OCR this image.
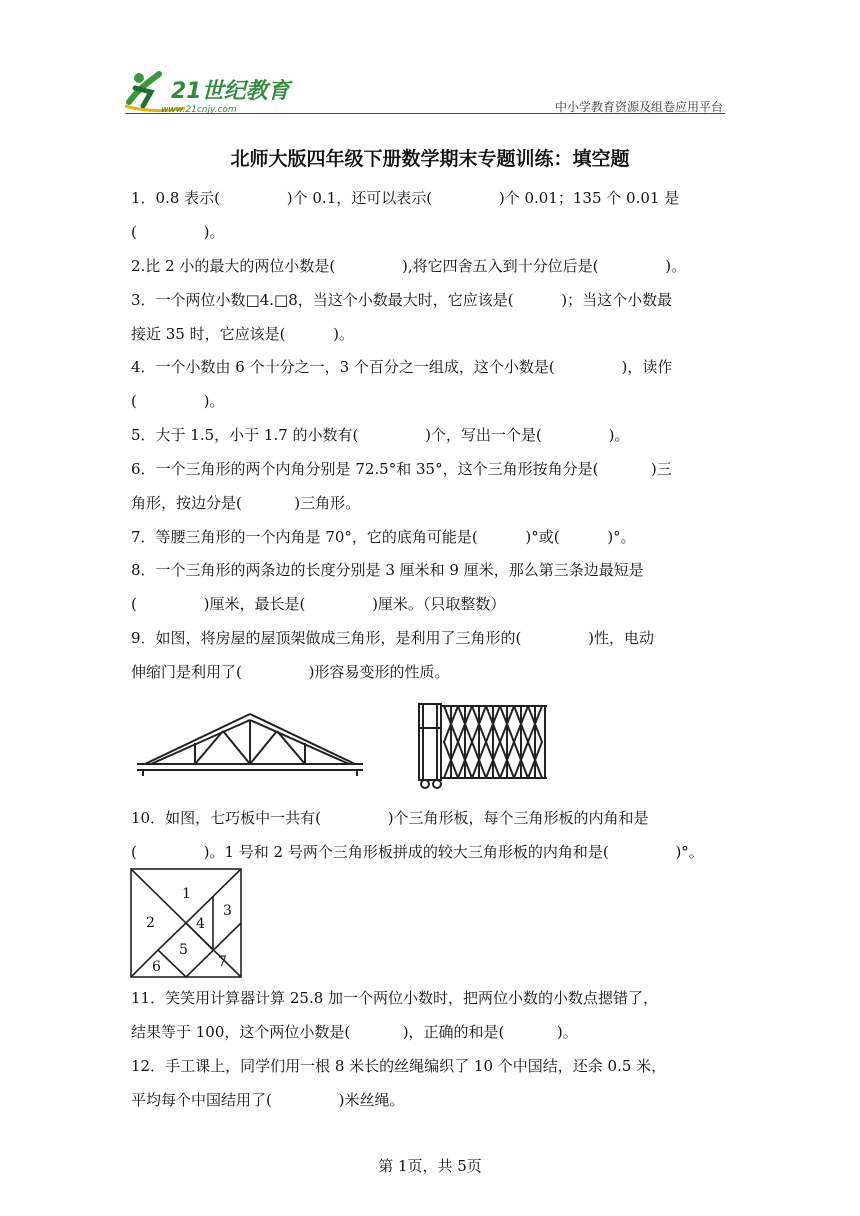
21世纪教育
www.21cnjy.com	中小学教育资源及组卷应用平台
北师大版四年级下册数学期末专题训练：填空题
1．0.8 表示(              )个 0.1，还可以表示(              )个 0.01；135 个 0.01 是
(              )。
2.比 2 小的最大的两位小数是(              ),将它四舍五入到十分位后是(              )。
3．一个两位小数□4.□8，当这个小数最大时，它应该是(          )；当这个小数最
接近 35 时，它应该是(          )。
4．一个小数由 6 个十分之一，3 个百分之一组成，这个小数是(              )，读作
(              )。
5．大于 1.5，小于 1.7 的小数有(              )个，写出一个是(              )。
6．一个三角形的两个内角分别是 72.5°和 35°，这个三角形按角分是(           )三
角形，按边分是(           )三角形。
7．等腰三角形的一个内角是 70°，它的底角可能是(          )°或(          )°。
8．一个三角形的两条边的长度分别是 3 厘米和 9 厘米，那么第三条边最短是
(              )厘米，最长是(              )厘米。（只取整数）
9．如图，将房屋的屋顶架做成三角形，是利用了三角形的(              )性，电动
伸缩门是利用了(              )形容易变形的性质。
10．如图，七巧板中一共有(              )个三角形板，每个三角形板的内角和是
(              )。1 号和 2 号两个三角形板拼成的较大三角形板的内角和是(              )°。
1
2
3
4
5
6	7
11．笑笑用计算器计算 25.8 加一个两位小数时，把两位小数的小数点摁错了，
结果等于 100，这个两位小数是(           )，正确的和是(           )。
12．手工课上，同学们用一根 8 米长的丝绳编织了 10 个中国结，还余 0.5 米，
平均每个中国结用了(              )米丝绳。
第 1页，共 5页
